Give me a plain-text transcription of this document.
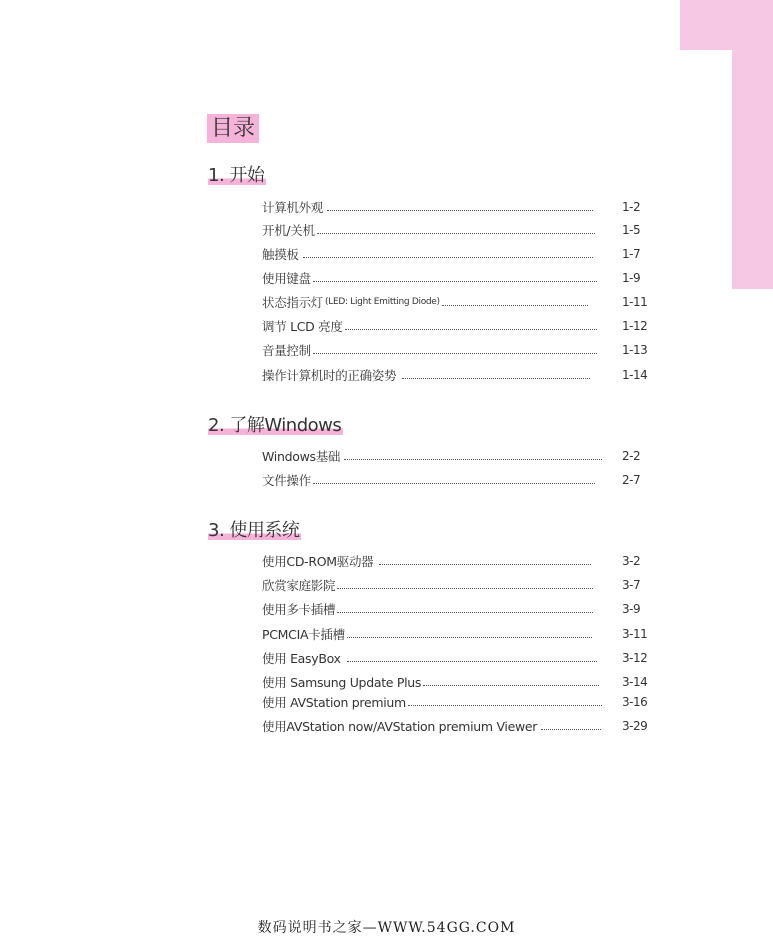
目录
1. 开始
计算机外观	1-2
开机/关机	1-5
触摸板	1-7
使用键盘	1-9
状态指示灯 (LED: Light Emitting Diode)	1-11
调节 LCD 亮度	1-12
音量控制	1-13
操作计算机时的正确姿势	1-14
2. 了解Windows
Windows基础	2-2
文件操作	2-7
3. 使用系统
使用CD-ROM驱动器	3-2
欣赏家庭影院	3-7
使用多卡插槽	3-9
PCMCIA卡插槽	3-11
使用 EasyBox	3-12
使用 Samsung Update Plus	3-14
使用 AVStation premium	3-16
使用AVStation now/AVStation premium Viewer	3-29
数码说明书之家—WWW.54GG.COM
